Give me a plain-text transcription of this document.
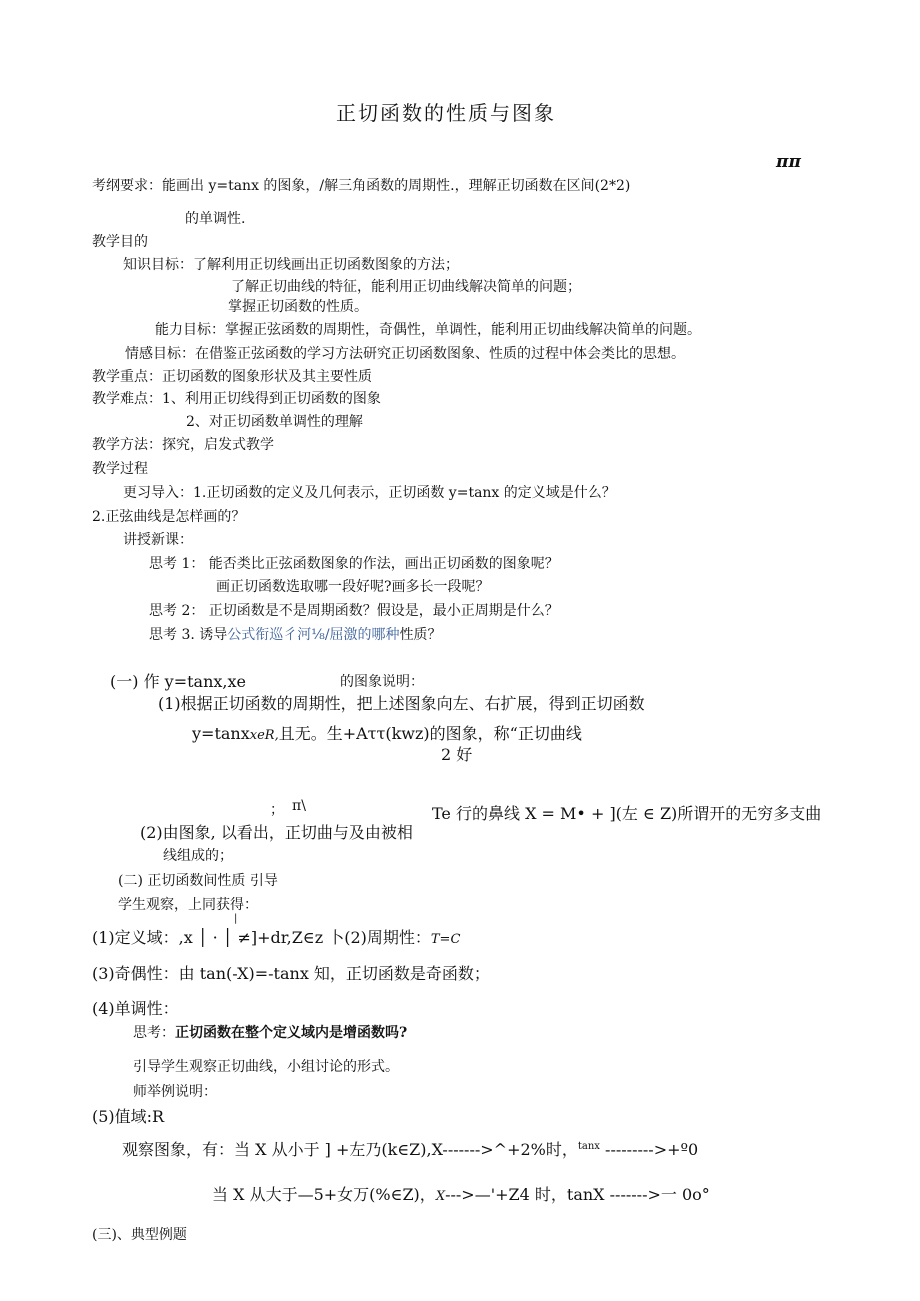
正切函数的性质与图象
ππ
考纲要求：能画出 y=tanx 的图象，/解三角函数的周期性.，理解正切函数在区间(2*2)
的单调性.
教学目的
知识目标：了解利用正切线画出正切函数图象的方法；
了解正切曲线的特征，能利用正切曲线解决简单的问题；
掌握正切函数的性质。
能力目标：掌握正弦函数的周期性，奇偶性，单调性，能利用正切曲线解决简单的问题。
情感目标：在借鉴正弦函数的学习方法研究正切函数图象、性质的过程中体会类比的思想。
教学重点：正切函数的图象形状及其主要性质
教学难点：1、利用正切线得到正切函数的图象
2、对正切函数单调性的理解
教学方法：探究，启发式教学
教学过程
更习导入：1.正切函数的定义及几何表示，正切函数 y=tanx 的定义域是什么？
2.正弦曲线是怎样画的？
讲授新课：
思考 1： 能否类比正弦函数图象的作法，画出正切函数的图象呢？
画正切函数选取哪一段好呢?画多长一段呢？
思考 2： 正切函数是不是周期函数？假设是，最小正周期是什么？
思考 3. 诱导公式衔巡彳河⅛/屈激的哪种性质？
(一) 作 y=tanx,xe	的图象说明：
(1)根据正切函数的周期性，把上述图象向左、右扩展，得到正切函数
y=tanxxeR,且无。生+Aττ(kwz)的图象，称“正切曲线
2 好
； π\	Te 行的鼻线 X = M• + ](左 ∈ Z)所谓开的无穷多支曲
(2)由图象, 以看出，正切曲与及由被相
线组成的；
(二) 正切函数间性质 引导
学生观察，上同获得：
|
(1)定义域：,x │ · │ ≠]+dr,Z∈z 卜(2)周期性：T=C
(3)奇偶性：由 tan(-X)=-tanx 知，正切函数是奇函数；
(4)单调性：
思考：正切函数在整个定义域内是增函数吗?
引导学生观察正切曲线，小组讨论的形式。
师举例说明：
(5)值域:R
观察图象，有：当 X 从小于 ] +左乃(k∈Z),X------->^+2%时，$^{tanx}$ --------->+º0
当 X 从大于—5+女万(%∈Z)，X--->—'+Z4 时，tanX ------->一 0o°
(三)、典型例题
